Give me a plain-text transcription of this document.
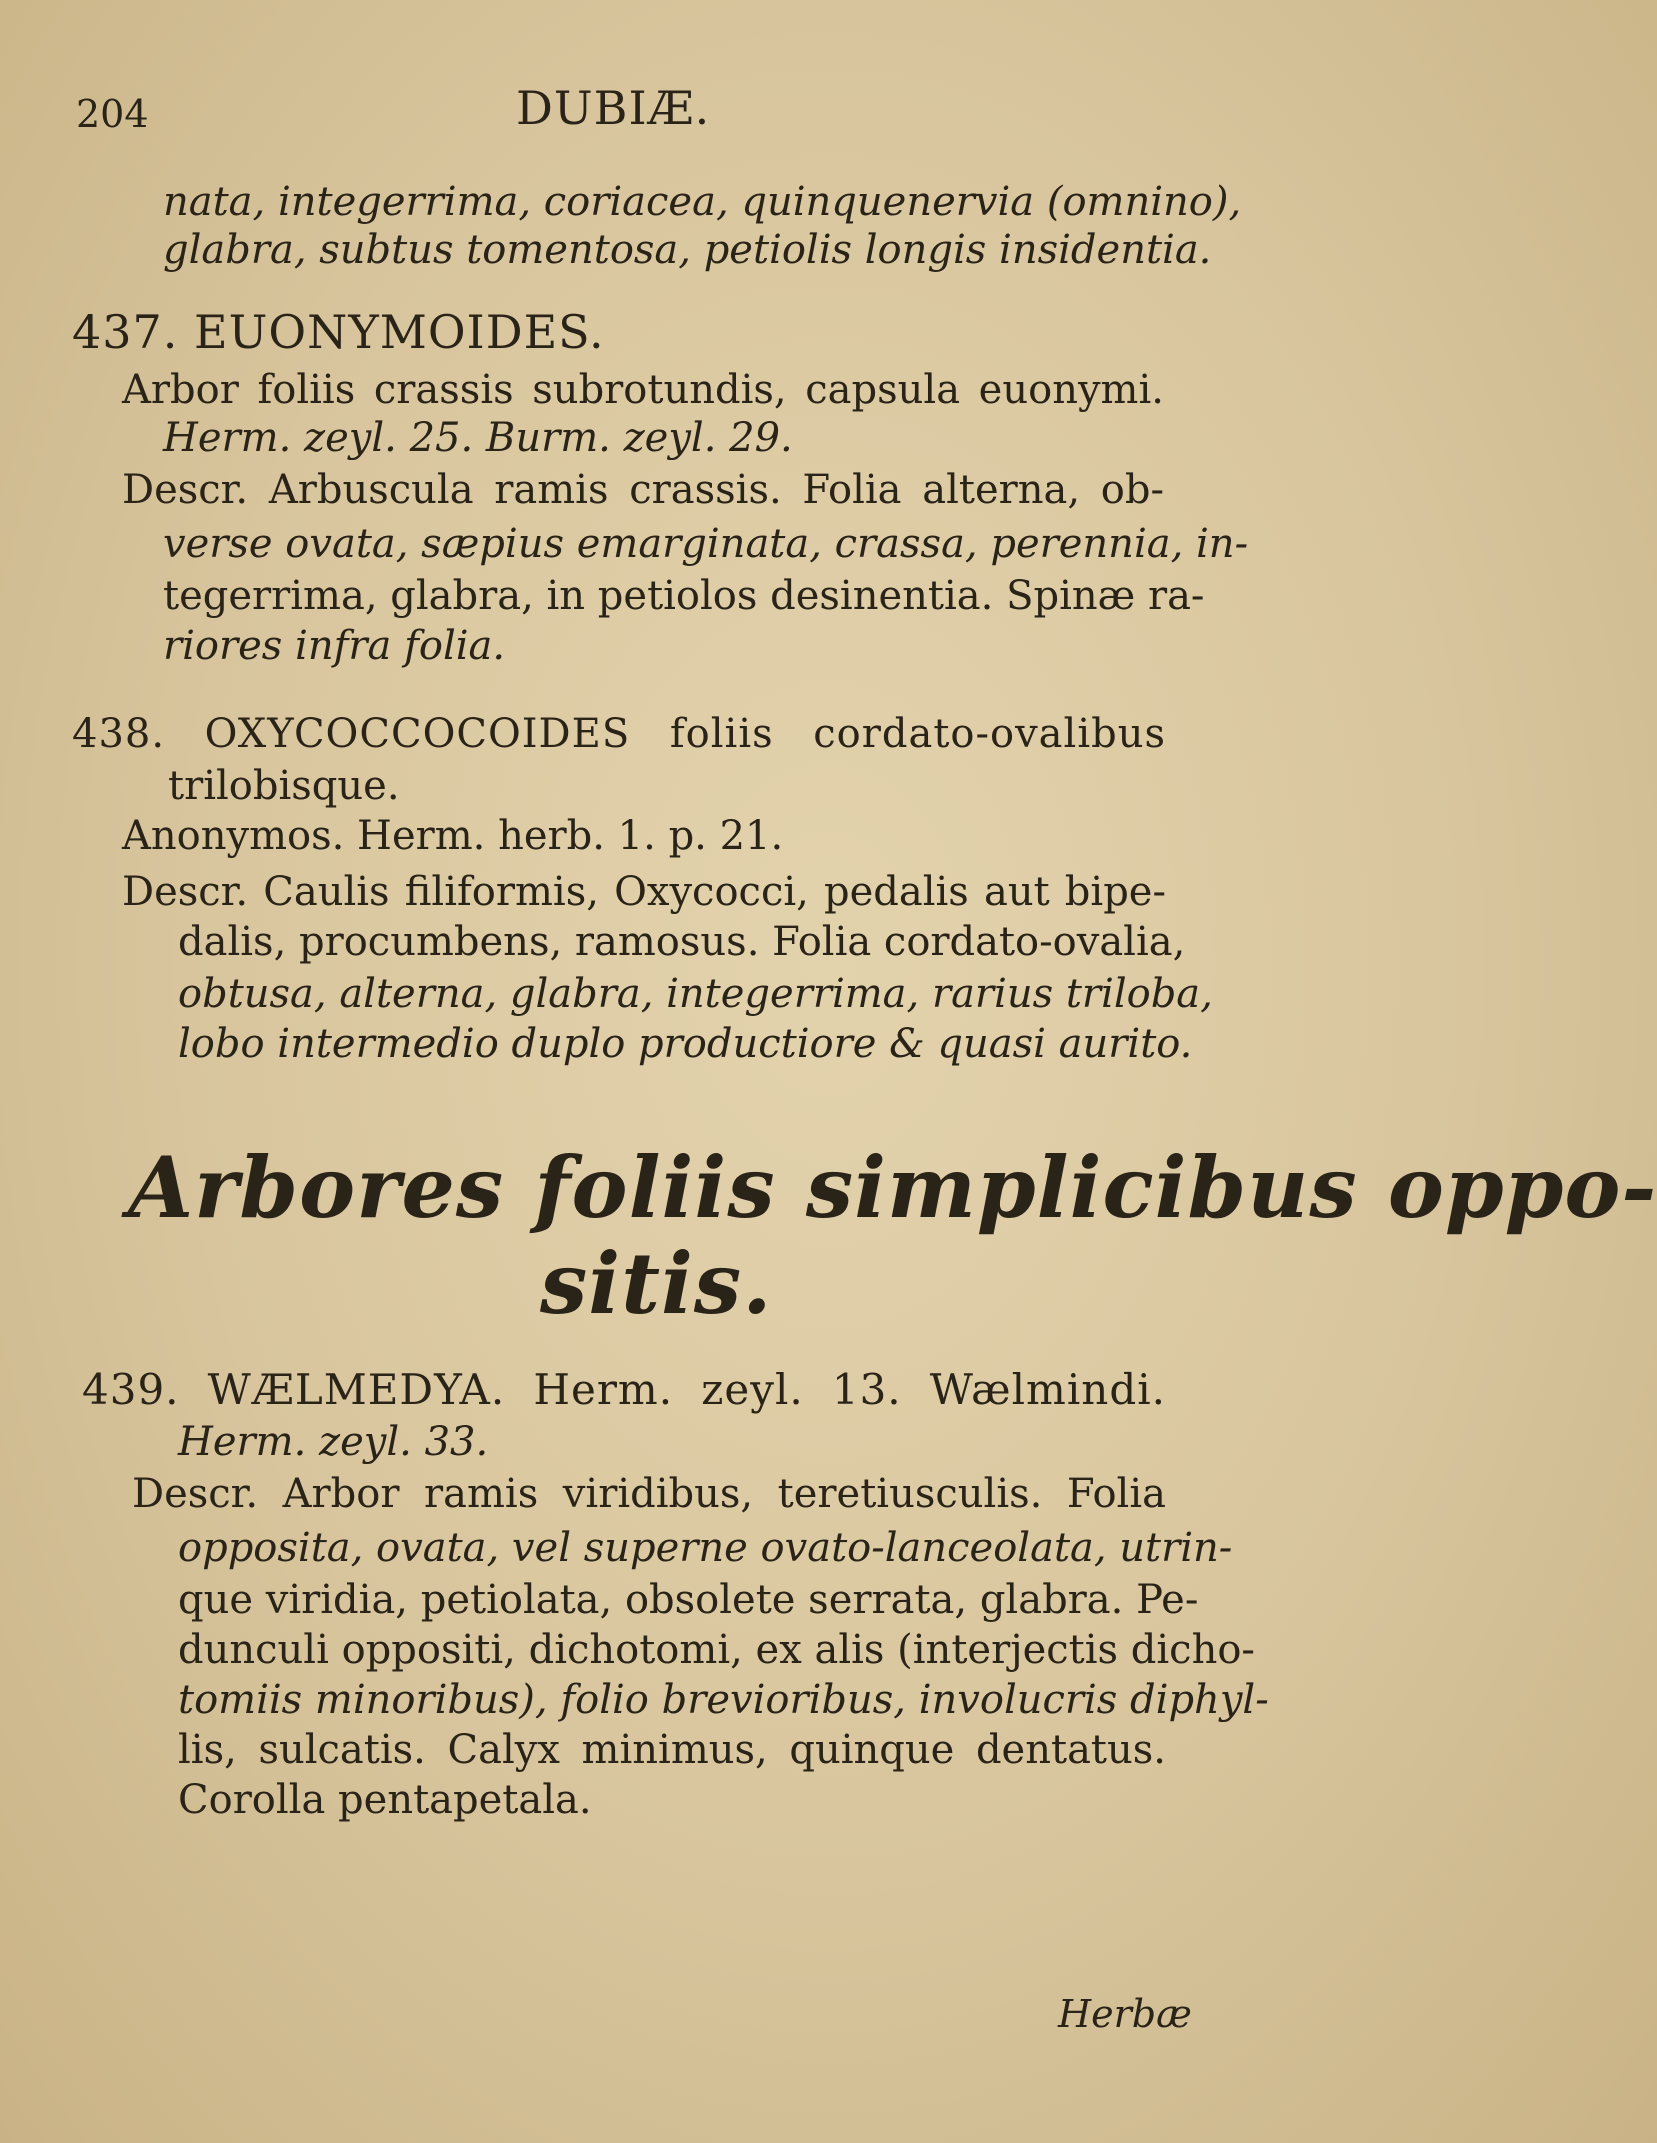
204	DUBIÆ.
nata, integerrima, coriacea, quinquenervia (omnino),
glabra, subtus tomentosa, petiolis longis insidentia.
437. EUONYMOIDES.
Arbor foliis crassis subrotundis, capsula euonymi.
Herm. zeyl. 25. Burm. zeyl. 29.
Descr. Arbuscula ramis crassis. Folia alterna, ob-
verse ovata, sæpius emarginata, crassa, perennia, in-
tegerrima, glabra, in petiolos desinentia. Spinæ ra-
riores infra folia.
438. OXYCOCCOCOIDES foliis cordato-ovalibus
trilobisque.
Anonymos. Herm. herb. 1. p. 21.
Descr. Caulis filiformis, Oxycocci, pedalis aut bipe-
dalis, procumbens, ramosus. Folia cordato-ovalia,
obtusa, alterna, glabra, integerrima, rarius triloba,
lobo intermedio duplo productiore & quasi aurito.
Arbores foliis simplicibus oppo-
sitis.
439. WÆLMEDYA. Herm. zeyl. 13. Wælmindi.
Herm. zeyl. 33.
Descr. Arbor ramis viridibus, teretiusculis. Folia
opposita, ovata, vel superne ovato-lanceolata, utrin-
que viridia, petiolata, obsolete serrata, glabra. Pe-
dunculi oppositi, dichotomi, ex alis (interjectis dicho-
tomiis minoribus), folio brevioribus, involucris diphyl-
lis, sulcatis. Calyx minimus, quinque dentatus.
Corolla pentapetala.
Herbæ
